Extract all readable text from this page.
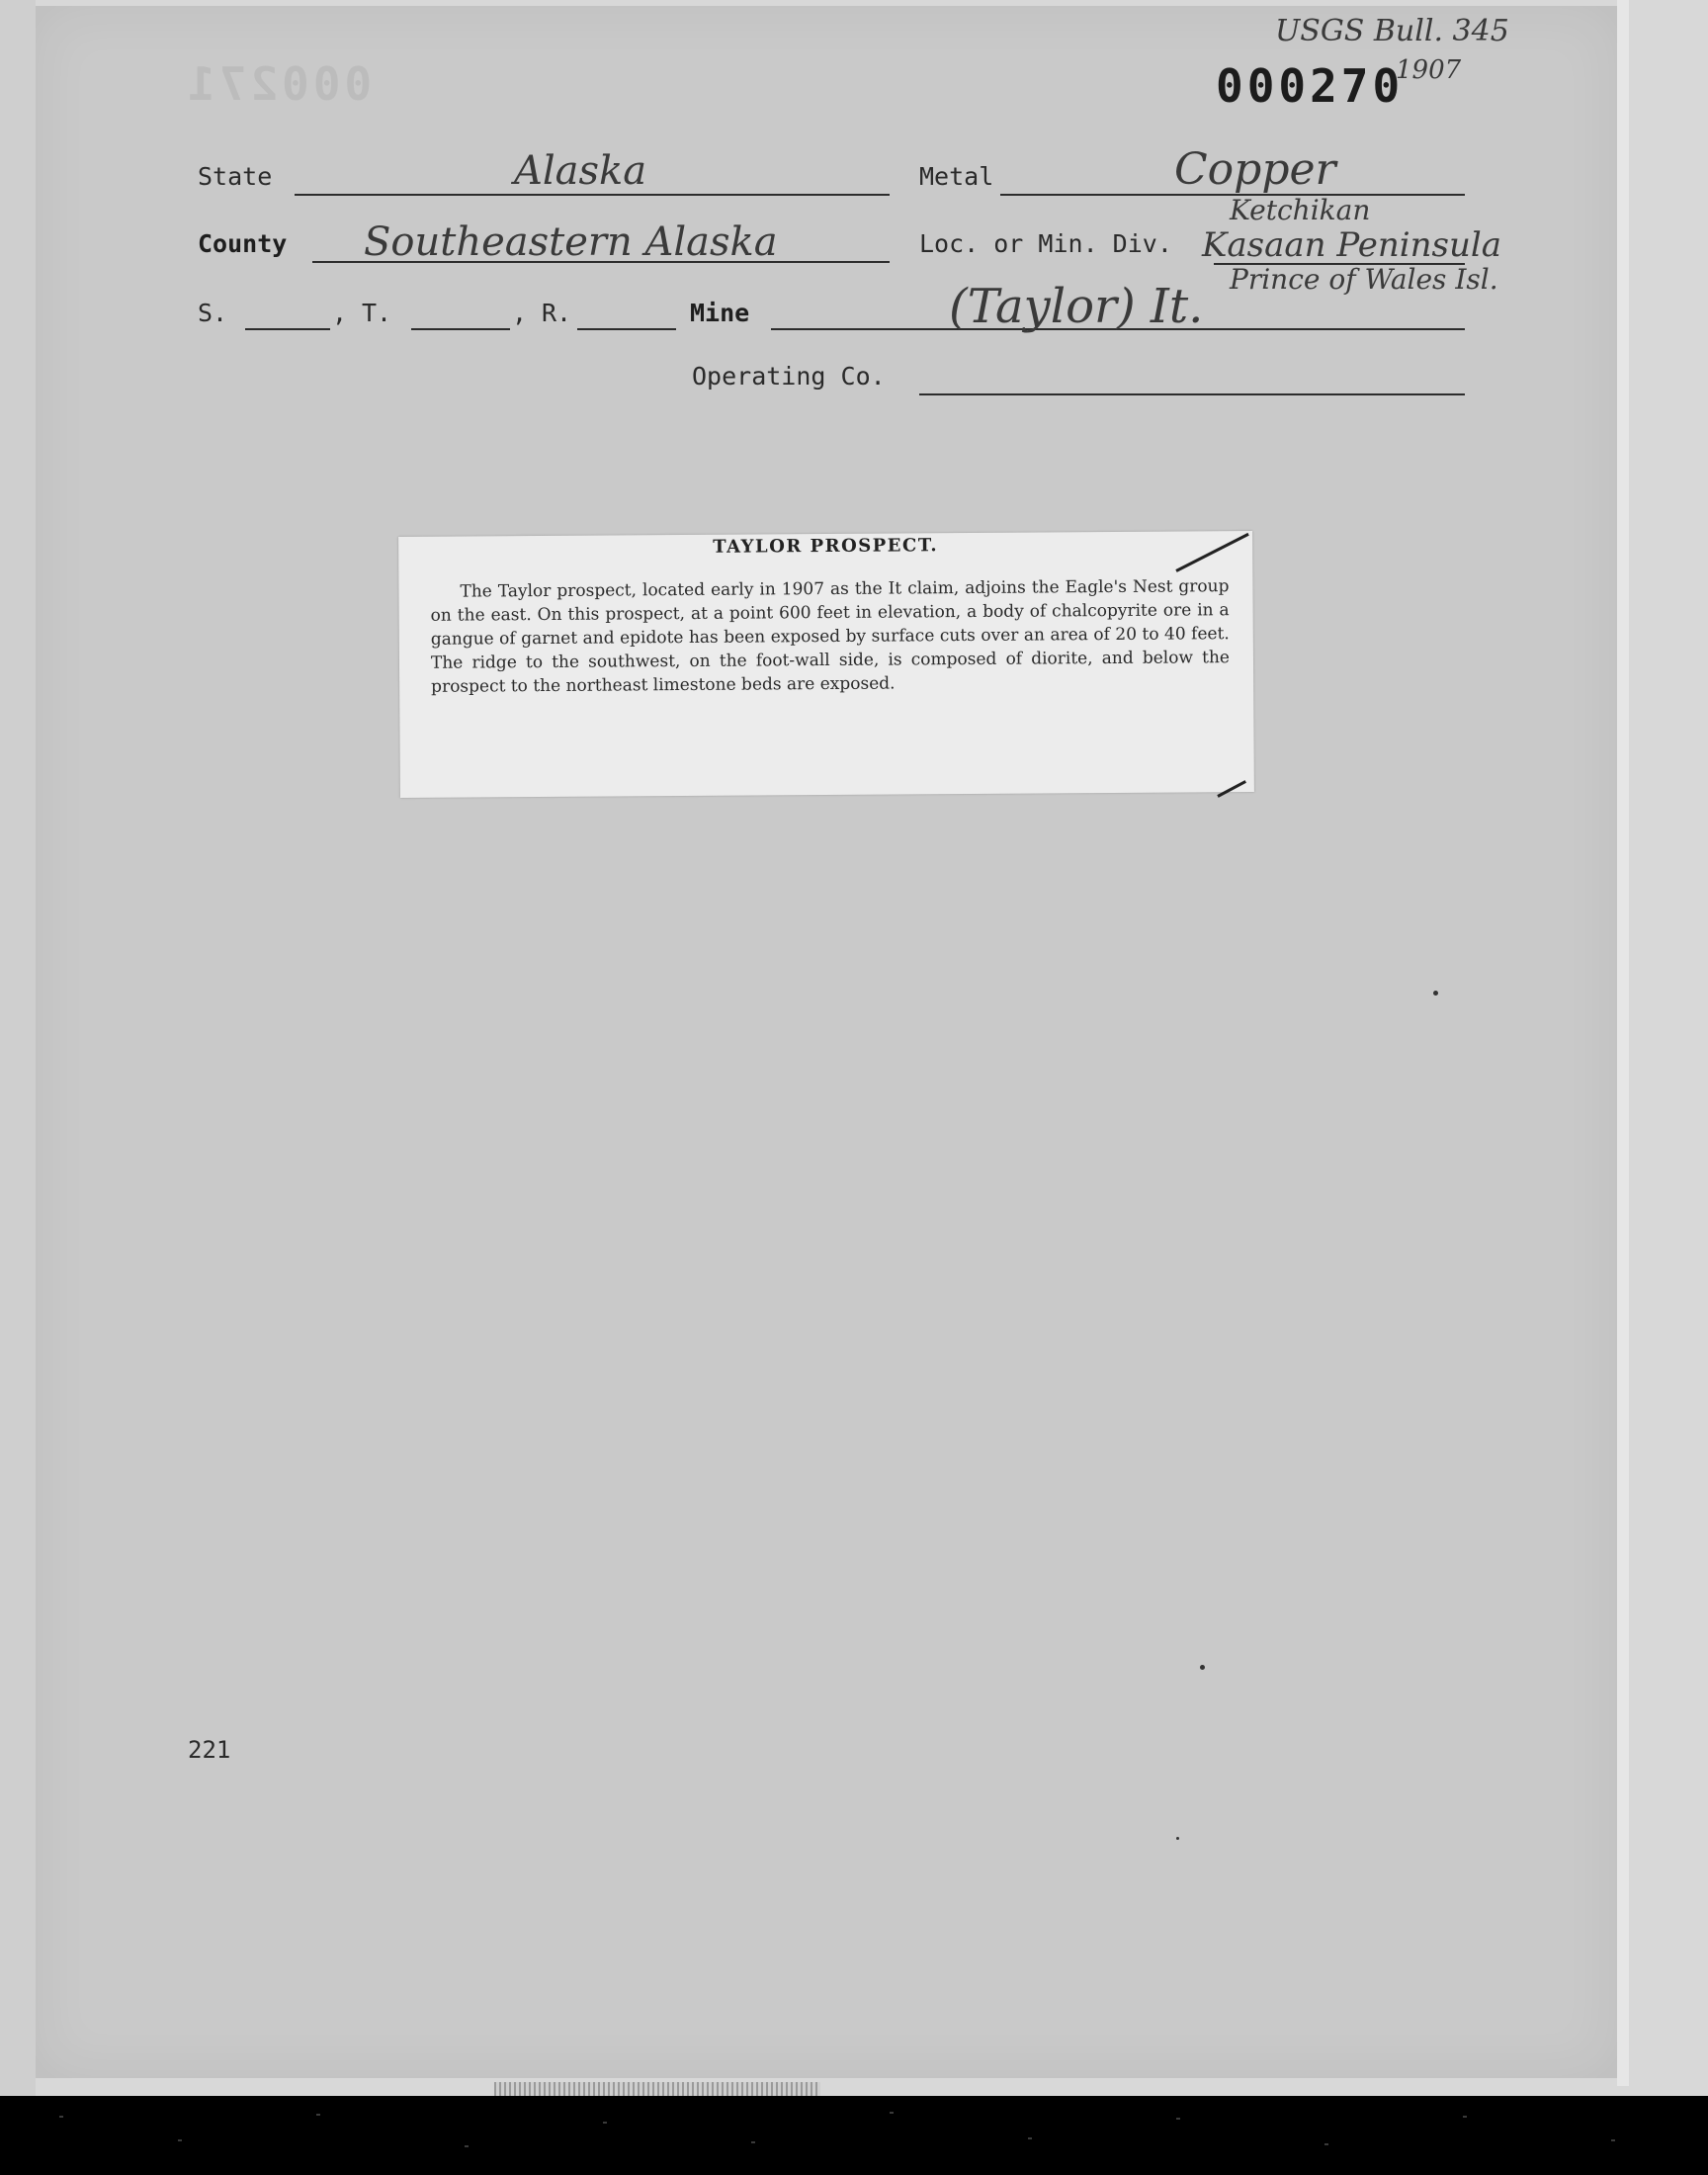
000271	000270
USGS Bull. 345
1907
State	Alaska	Metal	Copper
County Southeastern Alaska	Loc. or Min. Div.
Ketchikan
Kasaan Peninsula
Prince of Wales Isl.
S.	, T.	, R.	Mine	(Taylor) It.
Operating Co.
TAYLOR PROSPECT.

The Taylor prospect, located early in 1907 as the It claim, adjoins the Eagle's Nest group on the east. On this prospect, at a point 600 feet in elevation, a body of chalcopyrite ore in a gangue of garnet and epidote has been exposed by surface cuts over an area of 20 to 40 feet. The ridge to the southwest, on the foot-wall side, is composed of diorite, and below the prospect to the northeast limestone beds are exposed.

221
